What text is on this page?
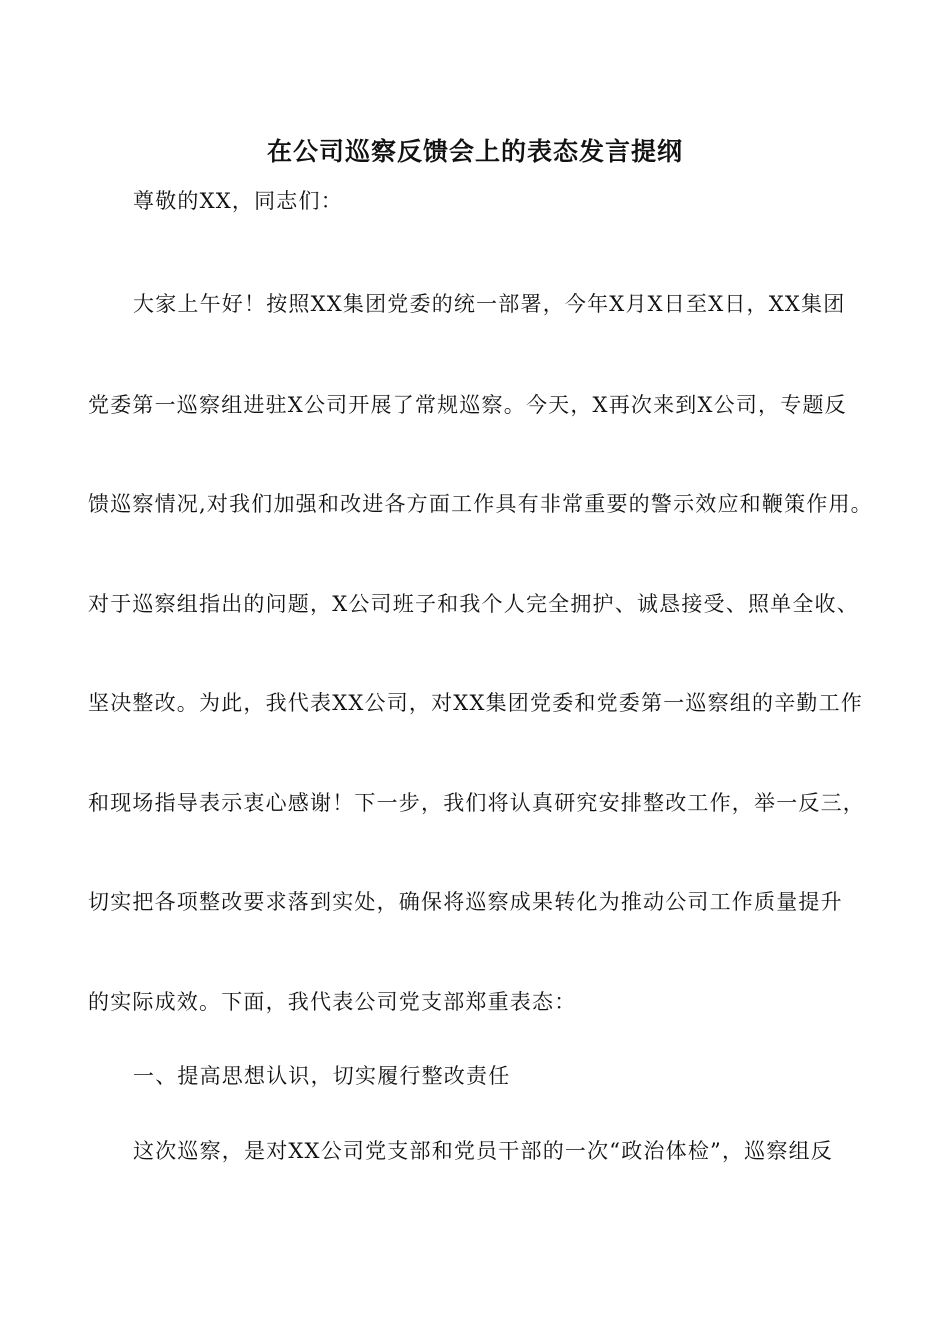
在公司巡察反馈会上的表态发言提纲
尊敬的XX，同志们：
大家上午好！按照XX集团党委的统一部署，今年X月X日至X日，XX集团
党委第一巡察组进驻X公司开展了常规巡察。今天，X再次来到X公司，专题反
馈巡察情况,对我们加强和改进各方面工作具有非常重要的警示效应和鞭策作用。
对于巡察组指出的问题，X公司班子和我个人完全拥护、诚恳接受、照单全收、
坚决整改。为此，我代表XX公司，对XX集团党委和党委第一巡察组的辛勤工作
和现场指导表示衷心感谢！下一步，我们将认真研究安排整改工作，举一反三，
切实把各项整改要求落到实处，确保将巡察成果转化为推动公司工作质量提升
的实际成效。下面，我代表公司党支部郑重表态：
一、提高思想认识，切实履行整改责任
这次巡察，是对XX公司党支部和党员干部的一次“政治体检”，巡察组反
